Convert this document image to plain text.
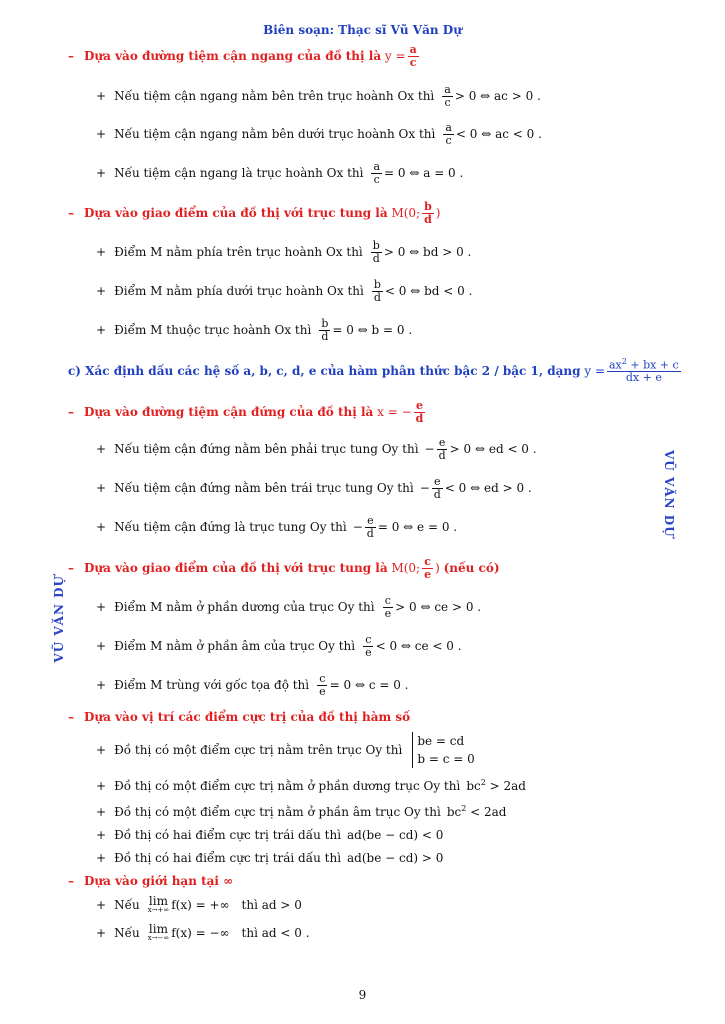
Biên soạn: Thạc sĩ Vũ Văn Dự
VŨ VĂN DỰ
VŨ VĂN DỰ
– Dựa vào đường tiệm cận ngang của đồ thị là $y = \frac{a}{c}$
+ Nếu tiệm cận ngang nằm bên trên trục hoành Ox thì $\frac{a}{c} > 0$ ⇔ ac > 0 .
+ Nếu tiệm cận ngang nằm bên dưới trục hoành Ox thì $\frac{a}{c} < 0$ ⇔ ac < 0 .
+ Nếu tiệm cận ngang là trục hoành Ox thì $\frac{a}{c} = 0$ ⇔ a = 0 .
– Dựa vào giao điểm của đồ thị với trục tung là M(0; $\frac{b}{d}$ )
+ Điểm M nằm phía trên trục hoành Ox thì $\frac{b}{d} > 0$ ⇔ bd > 0 .
+ Điểm M nằm phía dưới trục hoành Ox thì $\frac{b}{d} < 0$ ⇔ bd < 0 .
+ Điểm M thuộc trục hoành Ox thì $\frac{b}{d} = 0$ ⇔ b = 0 .
c) Xác định dấu các hệ số a, b, c, d, e của hàm phân thức bậc 2 / bậc 1, dạng $y = \frac{ax^2 + bx + c}{dx + e}$
– Dựa vào đường tiệm cận đứng của đồ thị là x = − $\frac{e}{d}$
+ Nếu tiệm cận đứng nằm bên phải trục tung Oy thì − $\frac{e}{d} > 0$ ⇔ ed < 0 .
+ Nếu tiệm cận đứng nằm bên trái trục tung Oy thì − $\frac{e}{d} < 0$ ⇔ ed > 0 .
+ Nếu tiệm cận đứng là trục tung Oy thì − $\frac{e}{d} = 0$ ⇔ e = 0 .
– Dựa vào giao điểm của đồ thị với trục tung là M(0; $\frac{c}{e}$ ) (nếu có)
+ Điểm M nằm ở phần dương của trục Oy thì $\frac{c}{e} > 0$ ⇔ ce > 0 .
+ Điểm M nằm ở phần âm của trục Oy thì $\frac{c}{e} < 0$ ⇔ ce < 0 .
+ Điểm M trùng với gốc tọa độ thì $\frac{c}{e} = 0$ ⇔ c = 0 .
– Dựa vào vị trí các điểm cực trị của đồ thị hàm số
+ Đồ thị có một điểm cực trị nằm trên trục Oy thì
be = cd
b = c = 0
+ Đồ thị có một điểm cực trị nằm ở phần dương trục Oy thì $bc^2 > 2ad$
+ Đồ thị có một điểm cực trị nằm ở phần âm trục Oy thì $bc^2 < 2ad$
+ Đồ thị có hai điểm cực trị trái dấu thì ad(be − cd) < 0
+ Đồ thị có hai điểm cực trị trái dấu thì ad(be − cd) > 0
– Dựa vào giới hạn tại ∞
+ Nếu lim
x→+∞ f(x) = +∞ thì ad > 0
+ Nếu lim
x→−∞ f(x) = −∞ thì ad < 0 .
9
